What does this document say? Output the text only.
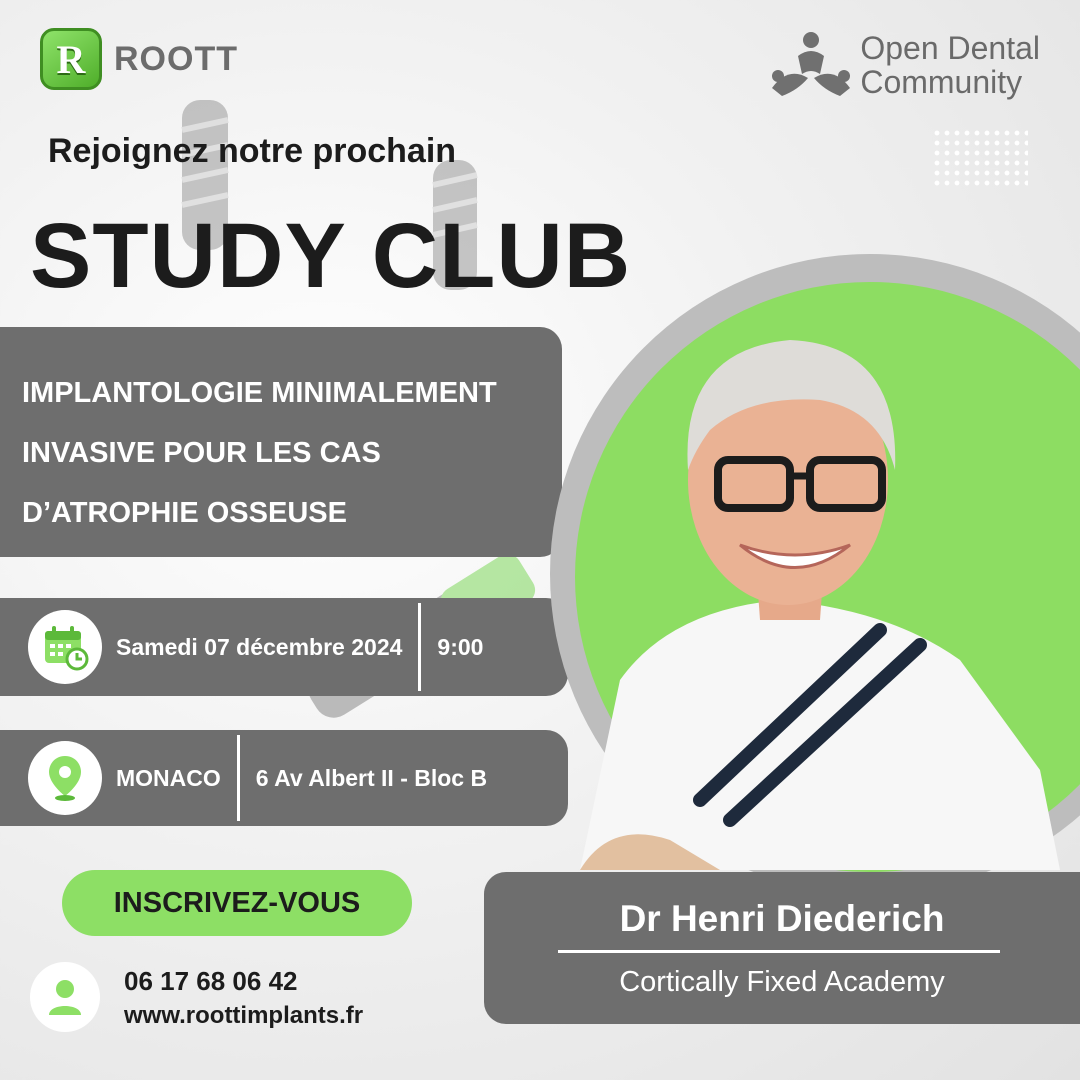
R ROOTT	Open Dental
Community
Rejoignez notre prochain
STUDY CLUB
IMPLANTOLOGIE MINIMALEMENT
INVASIVE POUR LES CAS
D’ATROPHIE OSSEUSE
Samedi 07 décembre 2024 9:00
MONACO 6 Av Albert II - Bloc B
INSCRIVEZ-VOUS
06 17 68 06 42
www.roottimplants.fr
Dr Henri Diederich
Cortically Fixed Academy
